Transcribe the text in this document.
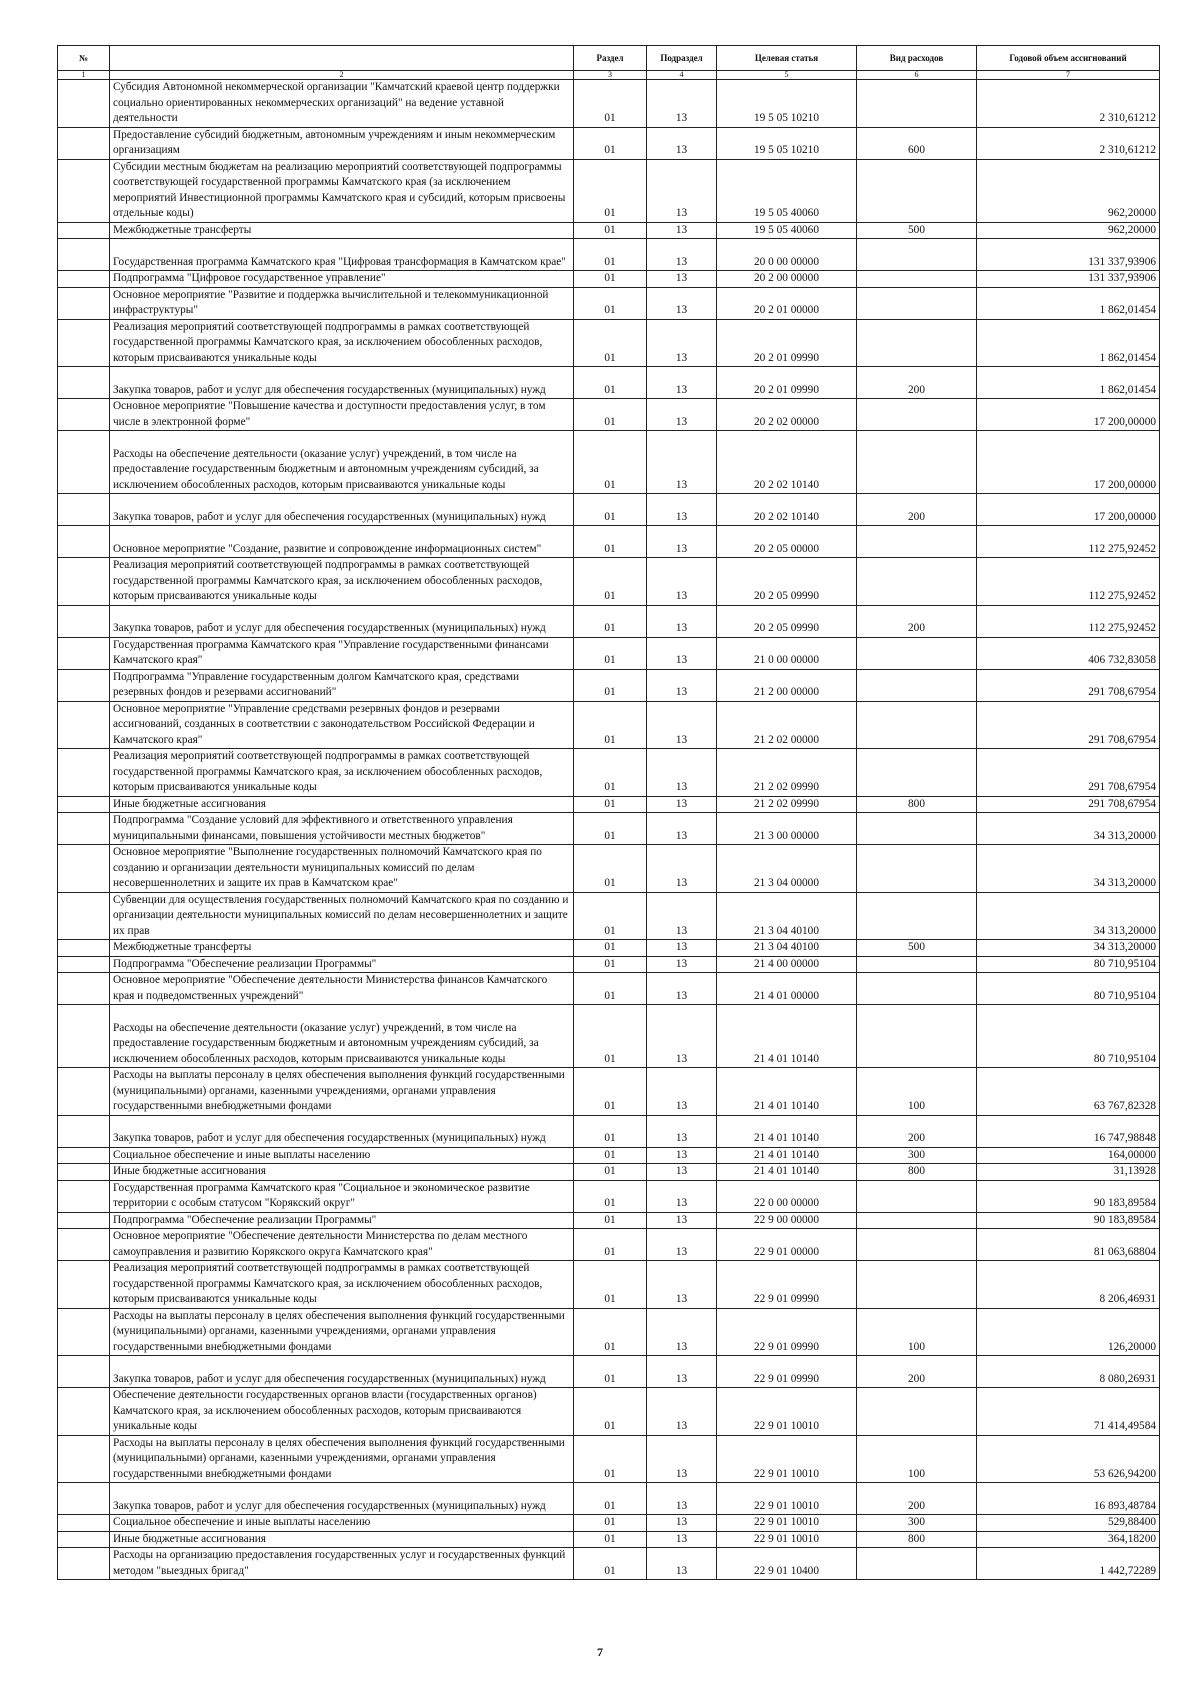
№		Раздел	Подраздел	Целевая статья	Вид расходов	Годовой объем ассигнований
1	2	3	4	5	6	7
	Субсидия Автономной некоммерческой организации "Камчатский краевой центр поддержки социально ориентированных некоммерческих организаций" на ведение уставной деятельности	01	13	19 5 05 10210		2 310,61212
	Предоставление субсидий бюджетным, автономным учреждениям и иным некоммерческим организациям	01	13	19 5 05 10210	600	2 310,61212
	Субсидии местным бюджетам на реализацию мероприятий соответствующей подпрограммы соответствующей государственной программы Камчатского края (за исключением мероприятий Инвестиционной программы Камчатского края и субсидий, которым присвоены отдельные коды)	01	13	19 5 05 40060		962,20000
	Межбюджетные трансферты	01	13	19 5 05 40060	500	962,20000
	Государственная программа Камчатского края "Цифровая трансформация в Камчатском крае"	01	13	20 0 00 00000		131 337,93906
	Подпрограмма "Цифровое государственное управление"	01	13	20 2 00 00000		131 337,93906
	Основное мероприятие "Развитие и поддержка вычислительной и телекоммуникационной инфраструктуры"	01	13	20 2 01 00000		1 862,01454
	Реализация мероприятий соответствующей подпрограммы в рамках соответствующей государственной программы Камчатского края, за исключением обособленных расходов, которым присваиваются уникальные коды	01	13	20 2 01 09990		1 862,01454
	Закупка товаров, работ и услуг для обеспечения государственных (муниципальных) нужд	01	13	20 2 01 09990	200	1 862,01454
	Основное мероприятие "Повышение качества и доступности предоставления услуг, в том числе в электронной форме"	01	13	20 2 02 00000		17 200,00000
	Расходы на обеспечение деятельности (оказание услуг) учреждений, в том числе на предоставление государственным бюджетным и автономным учреждениям субсидий, за исключением обособленных расходов, которым присваиваются уникальные коды	01	13	20 2 02 10140		17 200,00000
	Закупка товаров, работ и услуг для обеспечения государственных (муниципальных) нужд	01	13	20 2 02 10140	200	17 200,00000
	Основное мероприятие "Создание, развитие и сопровождение информационных систем"	01	13	20 2 05 00000		112 275,92452
	Реализация мероприятий соответствующей подпрограммы в рамках соответствующей государственной программы Камчатского края, за исключением обособленных расходов, которым присваиваются уникальные коды	01	13	20 2 05 09990		112 275,92452
	Закупка товаров, работ и услуг для обеспечения государственных (муниципальных) нужд	01	13	20 2 05 09990	200	112 275,92452
	Государственная программа Камчатского края "Управление государственными финансами Камчатского края"	01	13	21 0 00 00000		406 732,83058
	Подпрограмма "Управление государственным долгом Камчатского края, средствами резервных фондов и резервами ассигнований"	01	13	21 2 00 00000		291 708,67954
	Основное мероприятие "Управление средствами резервных фондов и резервами ассигнований, созданных в соответствии с законодательством Российской Федерации и Камчатского края"	01	13	21 2 02 00000		291 708,67954
	Реализация мероприятий соответствующей подпрограммы в рамках соответствующей государственной программы Камчатского края, за исключением обособленных расходов, которым присваиваются уникальные коды	01	13	21 2 02 09990		291 708,67954
	Иные бюджетные ассигнования	01	13	21 2 02 09990	800	291 708,67954
	Подпрограмма "Создание условий для эффективного и ответственного управления муниципальными финансами, повышения устойчивости местных бюджетов"	01	13	21 3 00 00000		34 313,20000
	Основное мероприятие "Выполнение государственных полномочий Камчатского края по созданию и организации деятельности муниципальных комиссий по делам несовершеннолетних и защите их прав в Камчатском крае"	01	13	21 3 04 00000		34 313,20000
	Субвенции для осуществления государственных полномочий Камчатского края по созданию и организации деятельности муниципальных комиссий по делам несовершеннолетних и защите их прав	01	13	21 3 04 40100		34 313,20000
	Межбюджетные трансферты	01	13	21 3 04 40100	500	34 313,20000
	Подпрограмма "Обеспечение реализации Программы"	01	13	21 4 00 00000		80 710,95104
	Основное мероприятие "Обеспечение деятельности Министерства финансов Камчатского края и подведомственных учреждений"	01	13	21 4 01 00000		80 710,95104
	Расходы на обеспечение деятельности (оказание услуг) учреждений, в том числе на предоставление государственным бюджетным и автономным учреждениям субсидий, за исключением обособленных расходов, которым присваиваются уникальные коды	01	13	21 4 01 10140		80 710,95104
	Расходы на выплаты персоналу в целях обеспечения выполнения функций государственными (муниципальными) органами, казенными учреждениями, органами управления государственными внебюджетными фондами	01	13	21 4 01 10140	100	63 767,82328
	Закупка товаров, работ и услуг для обеспечения государственных (муниципальных) нужд	01	13	21 4 01 10140	200	16 747,98848
	Социальное обеспечение и иные выплаты населению	01	13	21 4 01 10140	300	164,00000
	Иные бюджетные ассигнования	01	13	21 4 01 10140	800	31,13928
	Государственная программа Камчатского края "Социальное и экономическое развитие территории с особым статусом "Корякский округ"	01	13	22 0 00 00000		90 183,89584
	Подпрограмма "Обеспечение реализации Программы"	01	13	22 9 00 00000		90 183,89584
	Основное мероприятие "Обеспечение деятельности Министерства по делам местного самоуправления и развитию Корякского округа Камчатского края"	01	13	22 9 01 00000		81 063,68804
	Реализация мероприятий соответствующей подпрограммы в рамках соответствующей государственной программы Камчатского края, за исключением обособленных расходов, которым присваиваются уникальные коды	01	13	22 9 01 09990		8 206,46931
	Расходы на выплаты персоналу в целях обеспечения выполнения функций государственными (муниципальными) органами, казенными учреждениями, органами управления государственными внебюджетными фондами	01	13	22 9 01 09990	100	126,20000
	Закупка товаров, работ и услуг для обеспечения государственных (муниципальных) нужд	01	13	22 9 01 09990	200	8 080,26931
	Обеспечение деятельности государственных органов власти (государственных органов) Камчатского края, за исключением обособленных расходов, которым присваиваются уникальные коды	01	13	22 9 01 10010		71 414,49584
	Расходы на выплаты персоналу в целях обеспечения выполнения функций государственными (муниципальными) органами, казенными учреждениями, органами управления государственными внебюджетными фондами	01	13	22 9 01 10010	100	53 626,94200
	Закупка товаров, работ и услуг для обеспечения государственных (муниципальных) нужд	01	13	22 9 01 10010	200	16 893,48784
	Социальное обеспечение и иные выплаты населению	01	13	22 9 01 10010	300	529,88400
	Иные бюджетные ассигнования	01	13	22 9 01 10010	800	364,18200
	Расходы на организацию предоставления государственных услуг и государственных функций методом "выездных бригад"	01	13	22 9 01 10400		1 442,72289
7
